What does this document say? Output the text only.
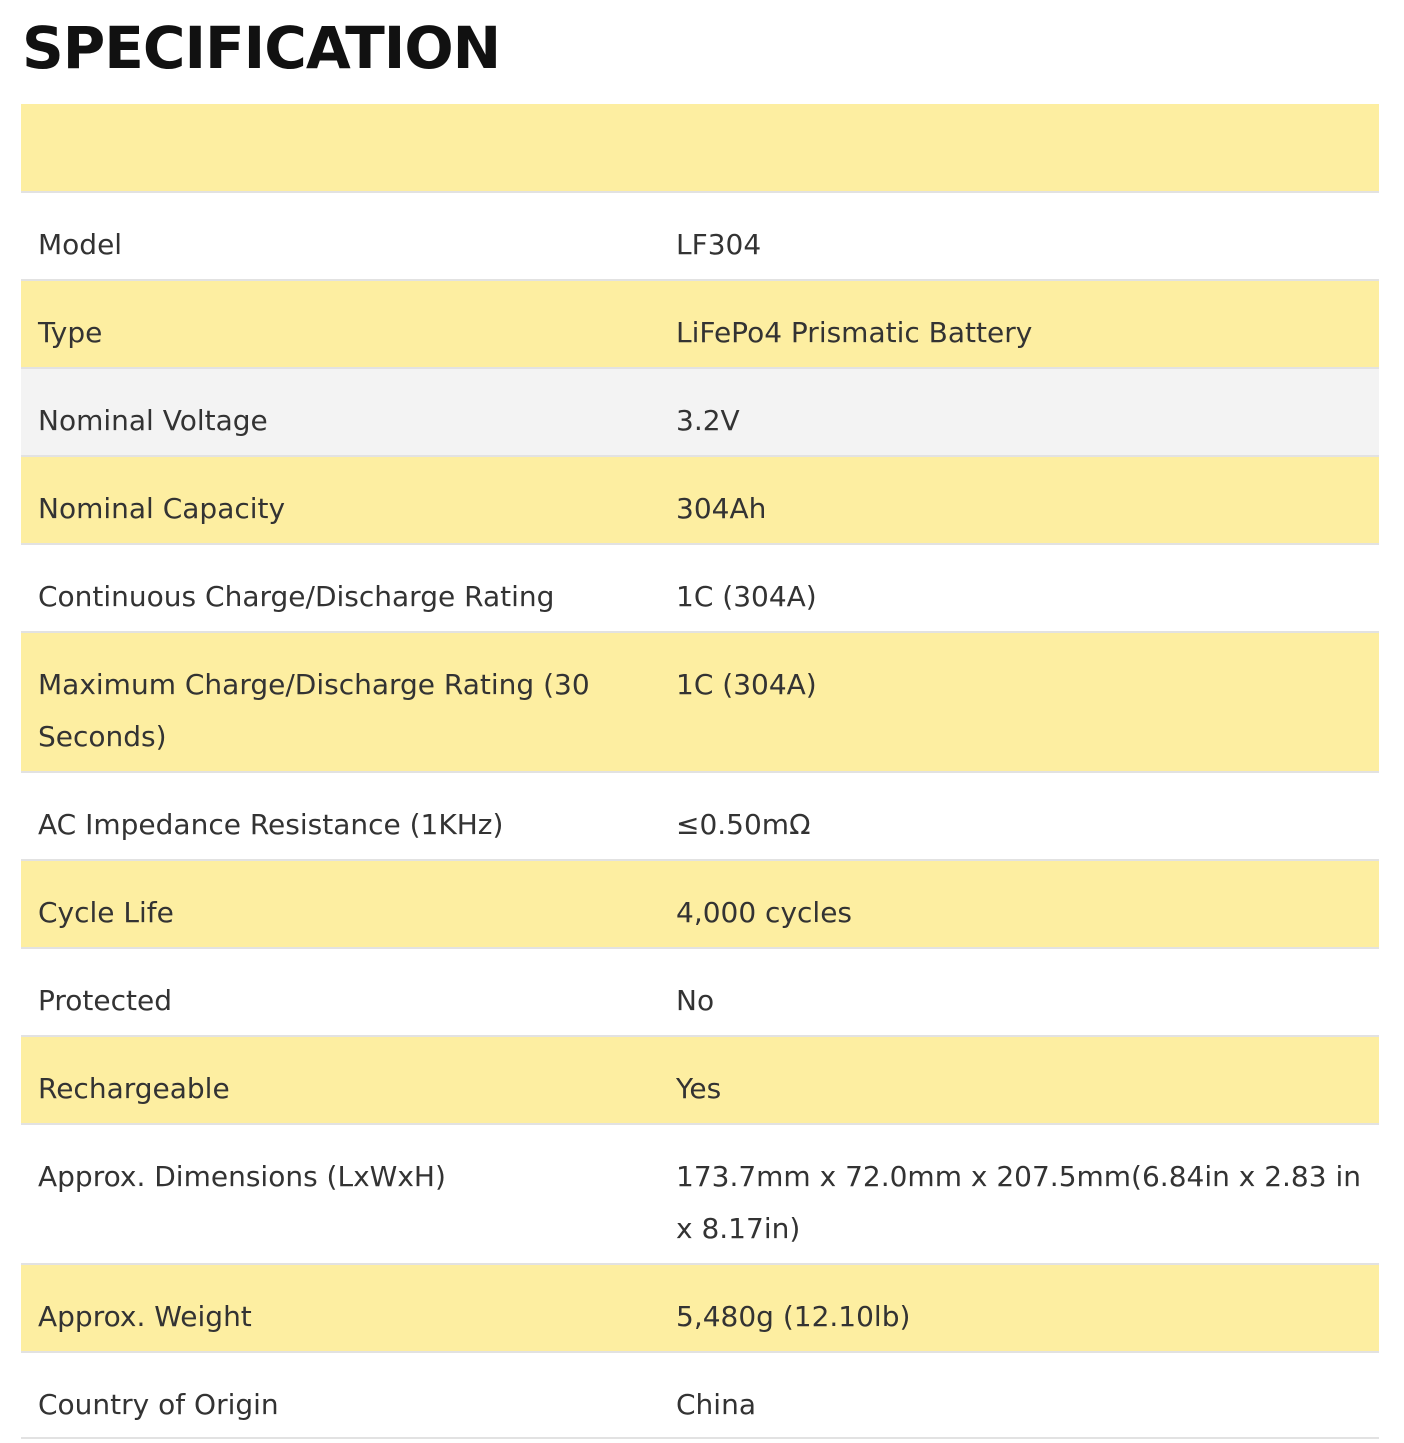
SPECIFICATION

Model	LF304
Type	LiFePo4 Prismatic Battery
Nominal Voltage	3.2V
Nominal Capacity	304Ah
Continuous Charge/Discharge Rating	1C (304A)
Maximum Charge/Discharge Rating (30 Seconds)	1C (304A)
AC Impedance Resistance (1KHz)	≤0.50mΩ
Cycle Life	4,000 cycles
Protected	No
Rechargeable	Yes
Approx. Dimensions (LxWxH)	173.7mm x 72.0mm x 207.5mm(6.84in x 2.83 in x 8.17in)
Approx. Weight	5,480g (12.10lb)
Country of Origin	China
